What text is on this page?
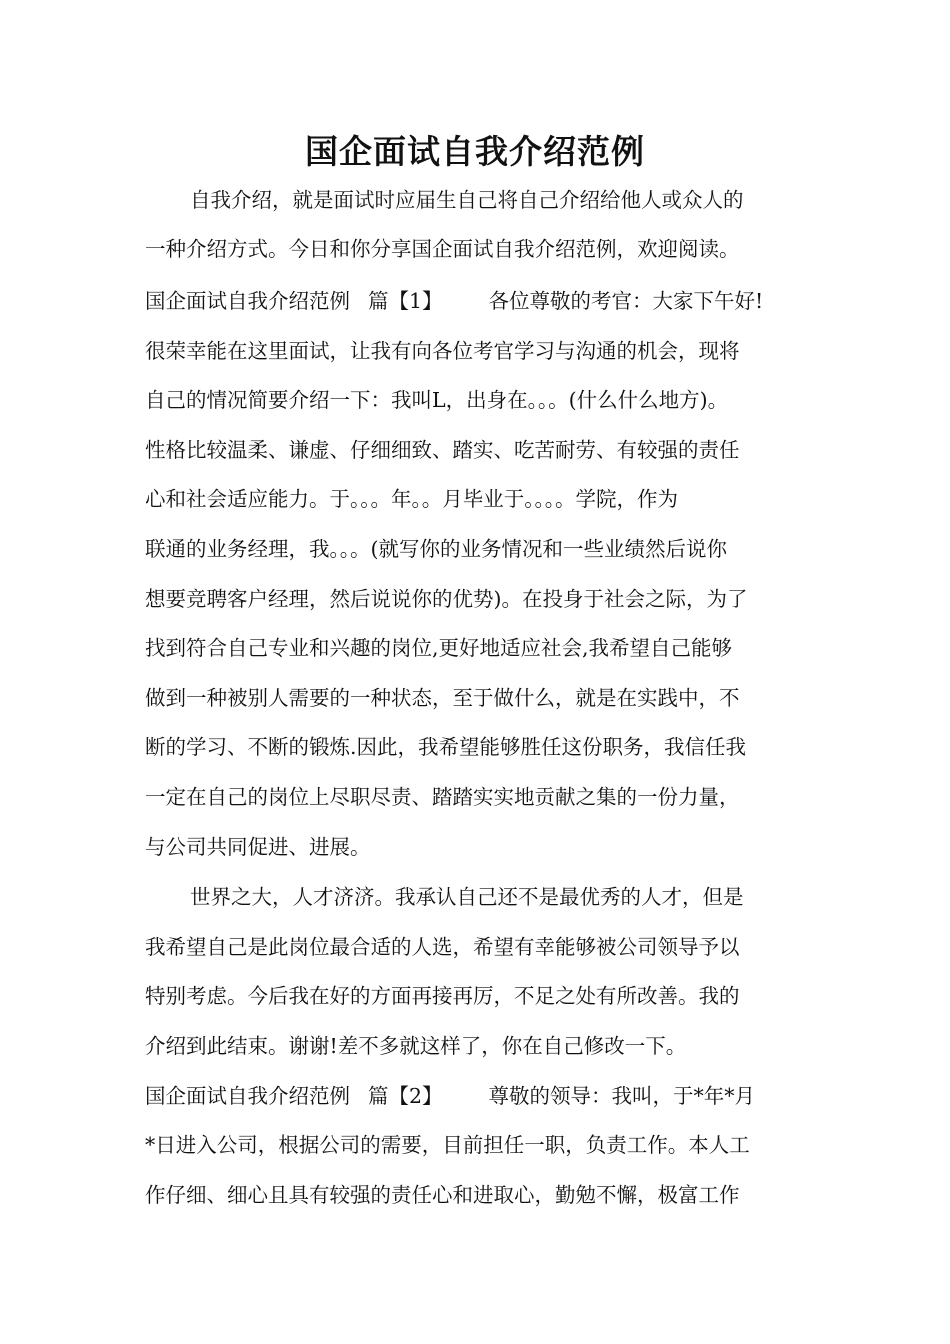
国企面试自我介绍范例
自我介绍，就是面试时应届生自己将自己介绍给他人或众人的
一种介绍方式。今日和你分享国企面试自我介绍范例，欢迎阅读。
国企面试自我介绍范例 篇【1】 各位尊敬的考官：大家下午好!
很荣幸能在这里面试，让我有向各位考官学习与沟通的机会，现将
自己的情况简要介绍一下：我叫L，出身在。。。(什么什么地方)。
性格比较温柔、谦虚、仔细细致、踏实、吃苦耐劳、有较强的责任
心和社会适应能力。于。。。年。。月毕业于。。。。学院，作为
联通的业务经理，我。。。(就写你的业务情况和一些业绩然后说你
想要竞聘客户经理，然后说说你的优势)。在投身于社会之际，为了
找到符合自己专业和兴趣的岗位,更好地适应社会,我希望自己能够
做到一种被别人需要的一种状态，至于做什么，就是在实践中，不
断的学习、不断的锻炼.因此，我希望能够胜任这份职务，我信任我
一定在自己的岗位上尽职尽责、踏踏实实地贡献之集的一份力量，
与公司共同促进、进展。
世界之大，人才济济。我承认自己还不是最优秀的人才，但是
我希望自己是此岗位最合适的人选，希望有幸能够被公司领导予以
特别考虑。今后我在好的方面再接再厉，不足之处有所改善。我的
介绍到此结束。谢谢!差不多就这样了，你在自己修改一下。
国企面试自我介绍范例 篇【2】 尊敬的领导：我叫，于*年*月
*日进入公司，根据公司的需要，目前担任一职，负责工作。本人工
作仔细、细心且具有较强的责任心和进取心，勤勉不懈，极富工作
